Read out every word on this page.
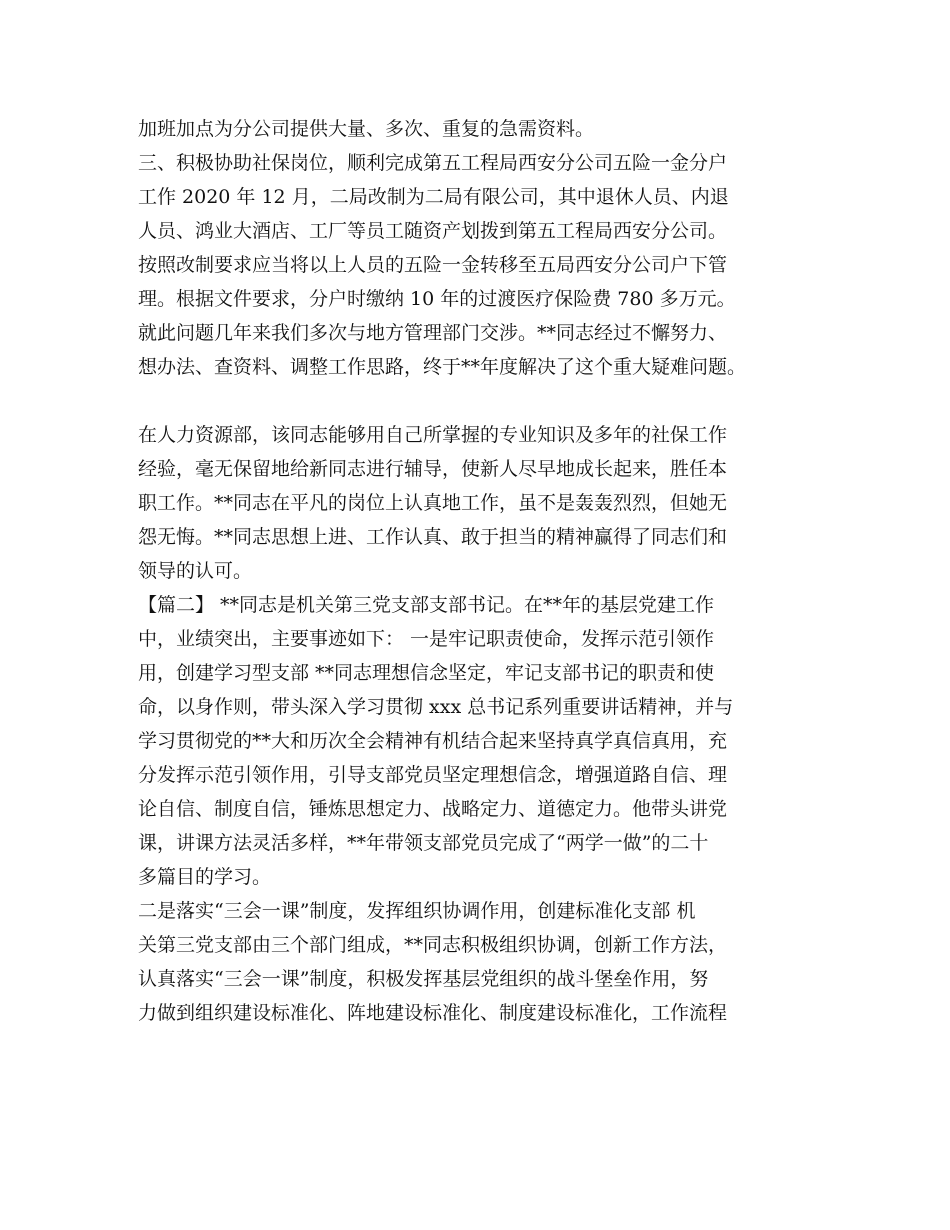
加班加点为分公司提供大量、多次、重复的急需资料。
三、积极协助社保岗位，顺利完成第五工程局西安分公司五险一金分户
工作 2020 年 12 月，二局改制为二局有限公司，其中退休人员、内退
人员、鸿业大酒店、工厂等员工随资产划拨到第五工程局西安分公司。
按照改制要求应当将以上人员的五险一金转移至五局西安分公司户下管
理。根据文件要求，分户时缴纳 10 年的过渡医疗保险费 780 多万元。
就此问题几年来我们多次与地方管理部门交涉。**同志经过不懈努力、
想办法、查资料、调整工作思路，终于**年度解决了这个重大疑难问题。
在人力资源部，该同志能够用自己所掌握的专业知识及多年的社保工作
经验，毫无保留地给新同志进行辅导，使新人尽早地成长起来，胜任本
职工作。**同志在平凡的岗位上认真地工作，虽不是轰轰烈烈，但她无
怨无悔。**同志思想上进、工作认真、敢于担当的精神赢得了同志们和
领导的认可。
【篇二】 **同志是机关第三党支部支部书记。在**年的基层党建工作
中，业绩突出，主要事迹如下： 一是牢记职责使命，发挥示范引领作
用，创建学习型支部 **同志理想信念坚定，牢记支部书记的职责和使
命，以身作则，带头深入学习贯彻 xxx 总书记系列重要讲话精神，并与
学习贯彻党的**大和历次全会精神有机结合起来坚持真学真信真用，充
分发挥示范引领作用，引导支部党员坚定理想信念，增强道路自信、理
论自信、制度自信，锤炼思想定力、战略定力、道德定力。他带头讲党
课，讲课方法灵活多样，**年带领支部党员完成了“两学一做”的二十
多篇目的学习。
二是落实“三会一课”制度，发挥组织协调作用，创建标准化支部 机
关第三党支部由三个部门组成，**同志积极组织协调，创新工作方法，
认真落实“三会一课”制度，积极发挥基层党组织的战斗堡垒作用，努
力做到组织建设标准化、阵地建设标准化、制度建设标准化，工作流程
